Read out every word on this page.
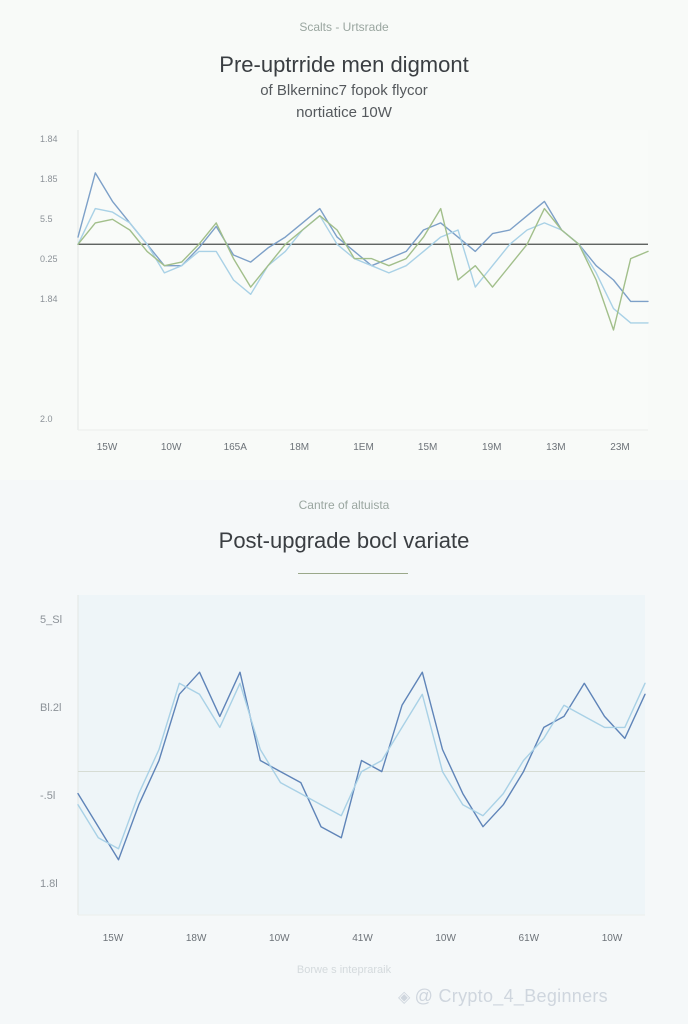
Scalts - Urtsrade
Pre-uptrride men digmont
of Blkerninc7 fopok flycor
nortiatice 10W
1.84
1.85
5.5
0.25
1.84
2.0
15W	10W	165A	18M	1EM	15M	19M	13M	23M
Cantre of altuista
Post-upgrade bocl variate
5_Sl
Bl.2l
-.5l
1.8l
15W	18W	10W	41W	10W	61W	10W
Borwe s intepraraik
◈ @ Crypto_4_Beginners
